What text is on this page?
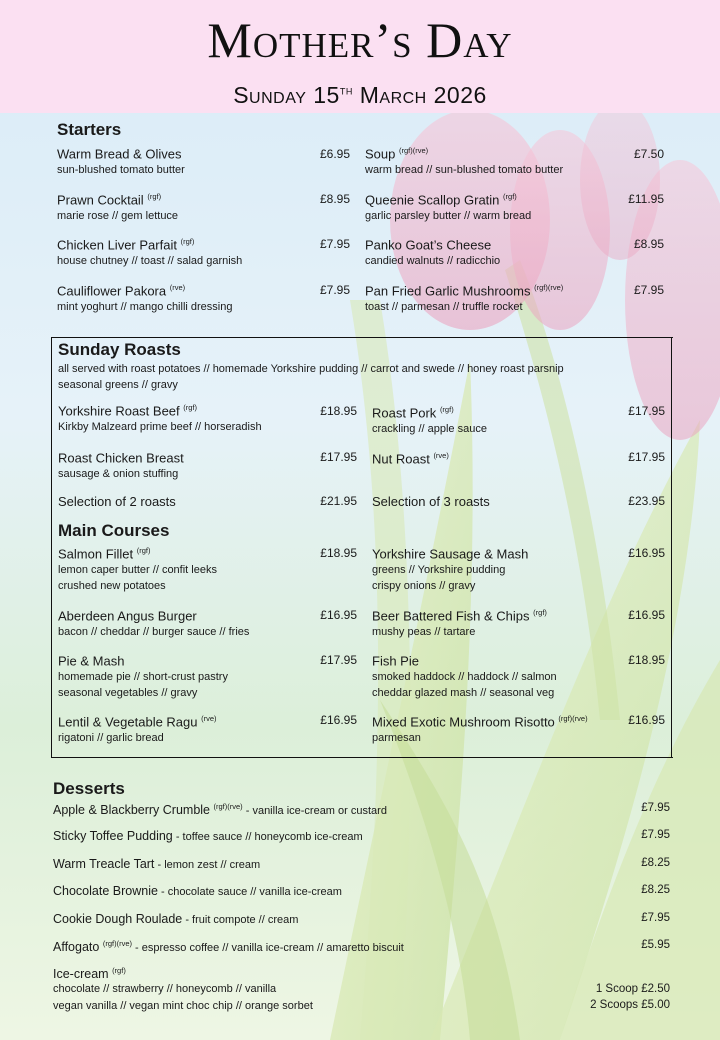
Mother’s Day
Sunday 15th March 2026
Starters
Warm Bread & Olives
sun-blushed tomato butter
£6.95
Prawn Cocktail $^{(rgf)}$
marie rose // gem lettuce
£8.95
Chicken Liver Parfait $^{(rgf)}$
house chutney // toast // salad garnish
£7.95
Cauliflower Pakora $^{(rve)}$
mint yoghurt // mango chilli dressing
£7.95
Soup $^{(rgf)(rve)}$
warm bread // sun-blushed tomato butter
£7.50
Queenie Scallop Gratin $^{(rgf)}$
garlic parsley butter // warm bread
£11.95
Panko Goat’s Cheese
candied walnuts // radicchio
£8.95
Pan Fried Garlic Mushrooms $^{(rgf)(rve)}$
toast // parmesan // truffle rocket
£7.95
Sunday Roasts
all served with roast potatoes // homemade Yorkshire pudding // carrot and swede // honey roast parsnip
seasonal greens // gravy
Yorkshire Roast Beef $^{(rgf)}$
Kirkby Malzeard prime beef // horseradish
£18.95
Roast Chicken Breast
sausage & onion stuffing
£17.95
Selection of 2 roasts	£21.95
Roast Pork $^{(rgf)}$
crackling // apple sauce
£17.95
Nut Roast $^{(rve)}$	£17.95
Selection of 3 roasts	£23.95
Main Courses
Salmon Fillet $^{(rgf)}$
lemon caper butter // confit leeks
crushed new potatoes
£18.95
Aberdeen Angus Burger
bacon // cheddar // burger sauce // fries
£16.95
Pie & Mash
homemade pie // short-crust pastry
seasonal vegetables // gravy
£17.95
Lentil & Vegetable Ragu $^{(rve)}$
rigatoni // garlic bread
£16.95
Yorkshire Sausage & Mash
greens // Yorkshire pudding
crispy onions // gravy
£16.95
Beer Battered Fish & Chips $^{(rgf)}$
mushy peas // tartare
£16.95
Fish Pie
smoked haddock // haddock // salmon
cheddar glazed mash // seasonal veg
£18.95
Mixed Exotic Mushroom Risotto $^{(rgf)(rve)}$
parmesan
£16.95
Desserts
Apple & Blackberry Crumble $^{(rgf)(rve)}$ - vanilla ice-cream or custard	£7.95
Sticky Toffee Pudding - toffee sauce // honeycomb ice-cream	£7.95
Warm Treacle Tart - lemon zest // cream	£8.25
Chocolate Brownie - chocolate sauce // vanilla ice-cream	£8.25
Cookie Dough Roulade - fruit compote // cream	£7.95
Affogato $^{(rgf)(rve)}$ - espresso coffee // vanilla ice-cream // amaretto biscuit	£5.95
Ice-cream $^{(rgf)}$
chocolate // strawberry // honeycomb // vanilla
vegan vanilla // vegan mint choc chip // orange sorbet
1 Scoop £2.50
2 Scoops £5.00
